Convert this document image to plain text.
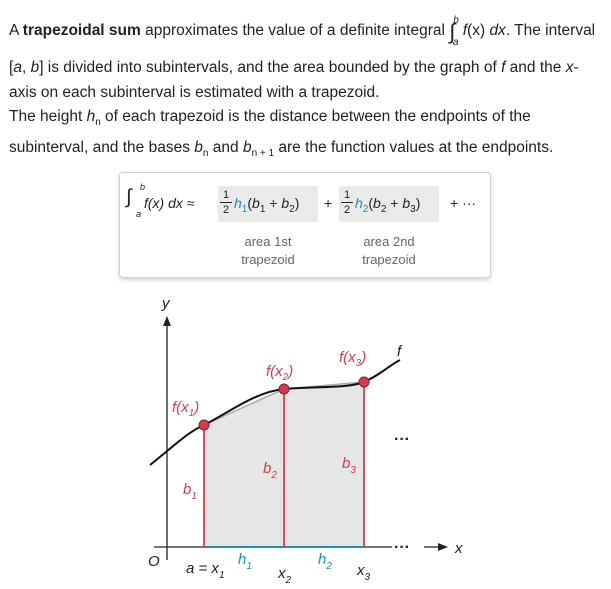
A trapezoidal sum approximates the value of a definite integral ∫$^b_a$ f(x) dx. The interval [a, b] is divided into subintervals, and the area bounded by the graph of f and the x-axis on each subinterval is estimated with a trapezoid.
The height $h_n$ of each trapezoid is the distance between the endpoints of the subinterval, and the bases $b_n$ and $b_{n + 1}$ are the function values at the endpoints.
∫ b
a
f(x) dx ≈	1
2 $h_1(b_1 + b_2) + 1$
2 $h_2(b_2 + b_3)$ + ···
area 1st trapezoid
area 2nd trapezoid
y
x
O
f
···
···
$f(x_1)$
$f(x_2)$
$f(x_3)$
$b_1$
$b_2$
$b_3$
$h_1$	$h_2$
$a = x_1$	$x_2$
$x_3$
